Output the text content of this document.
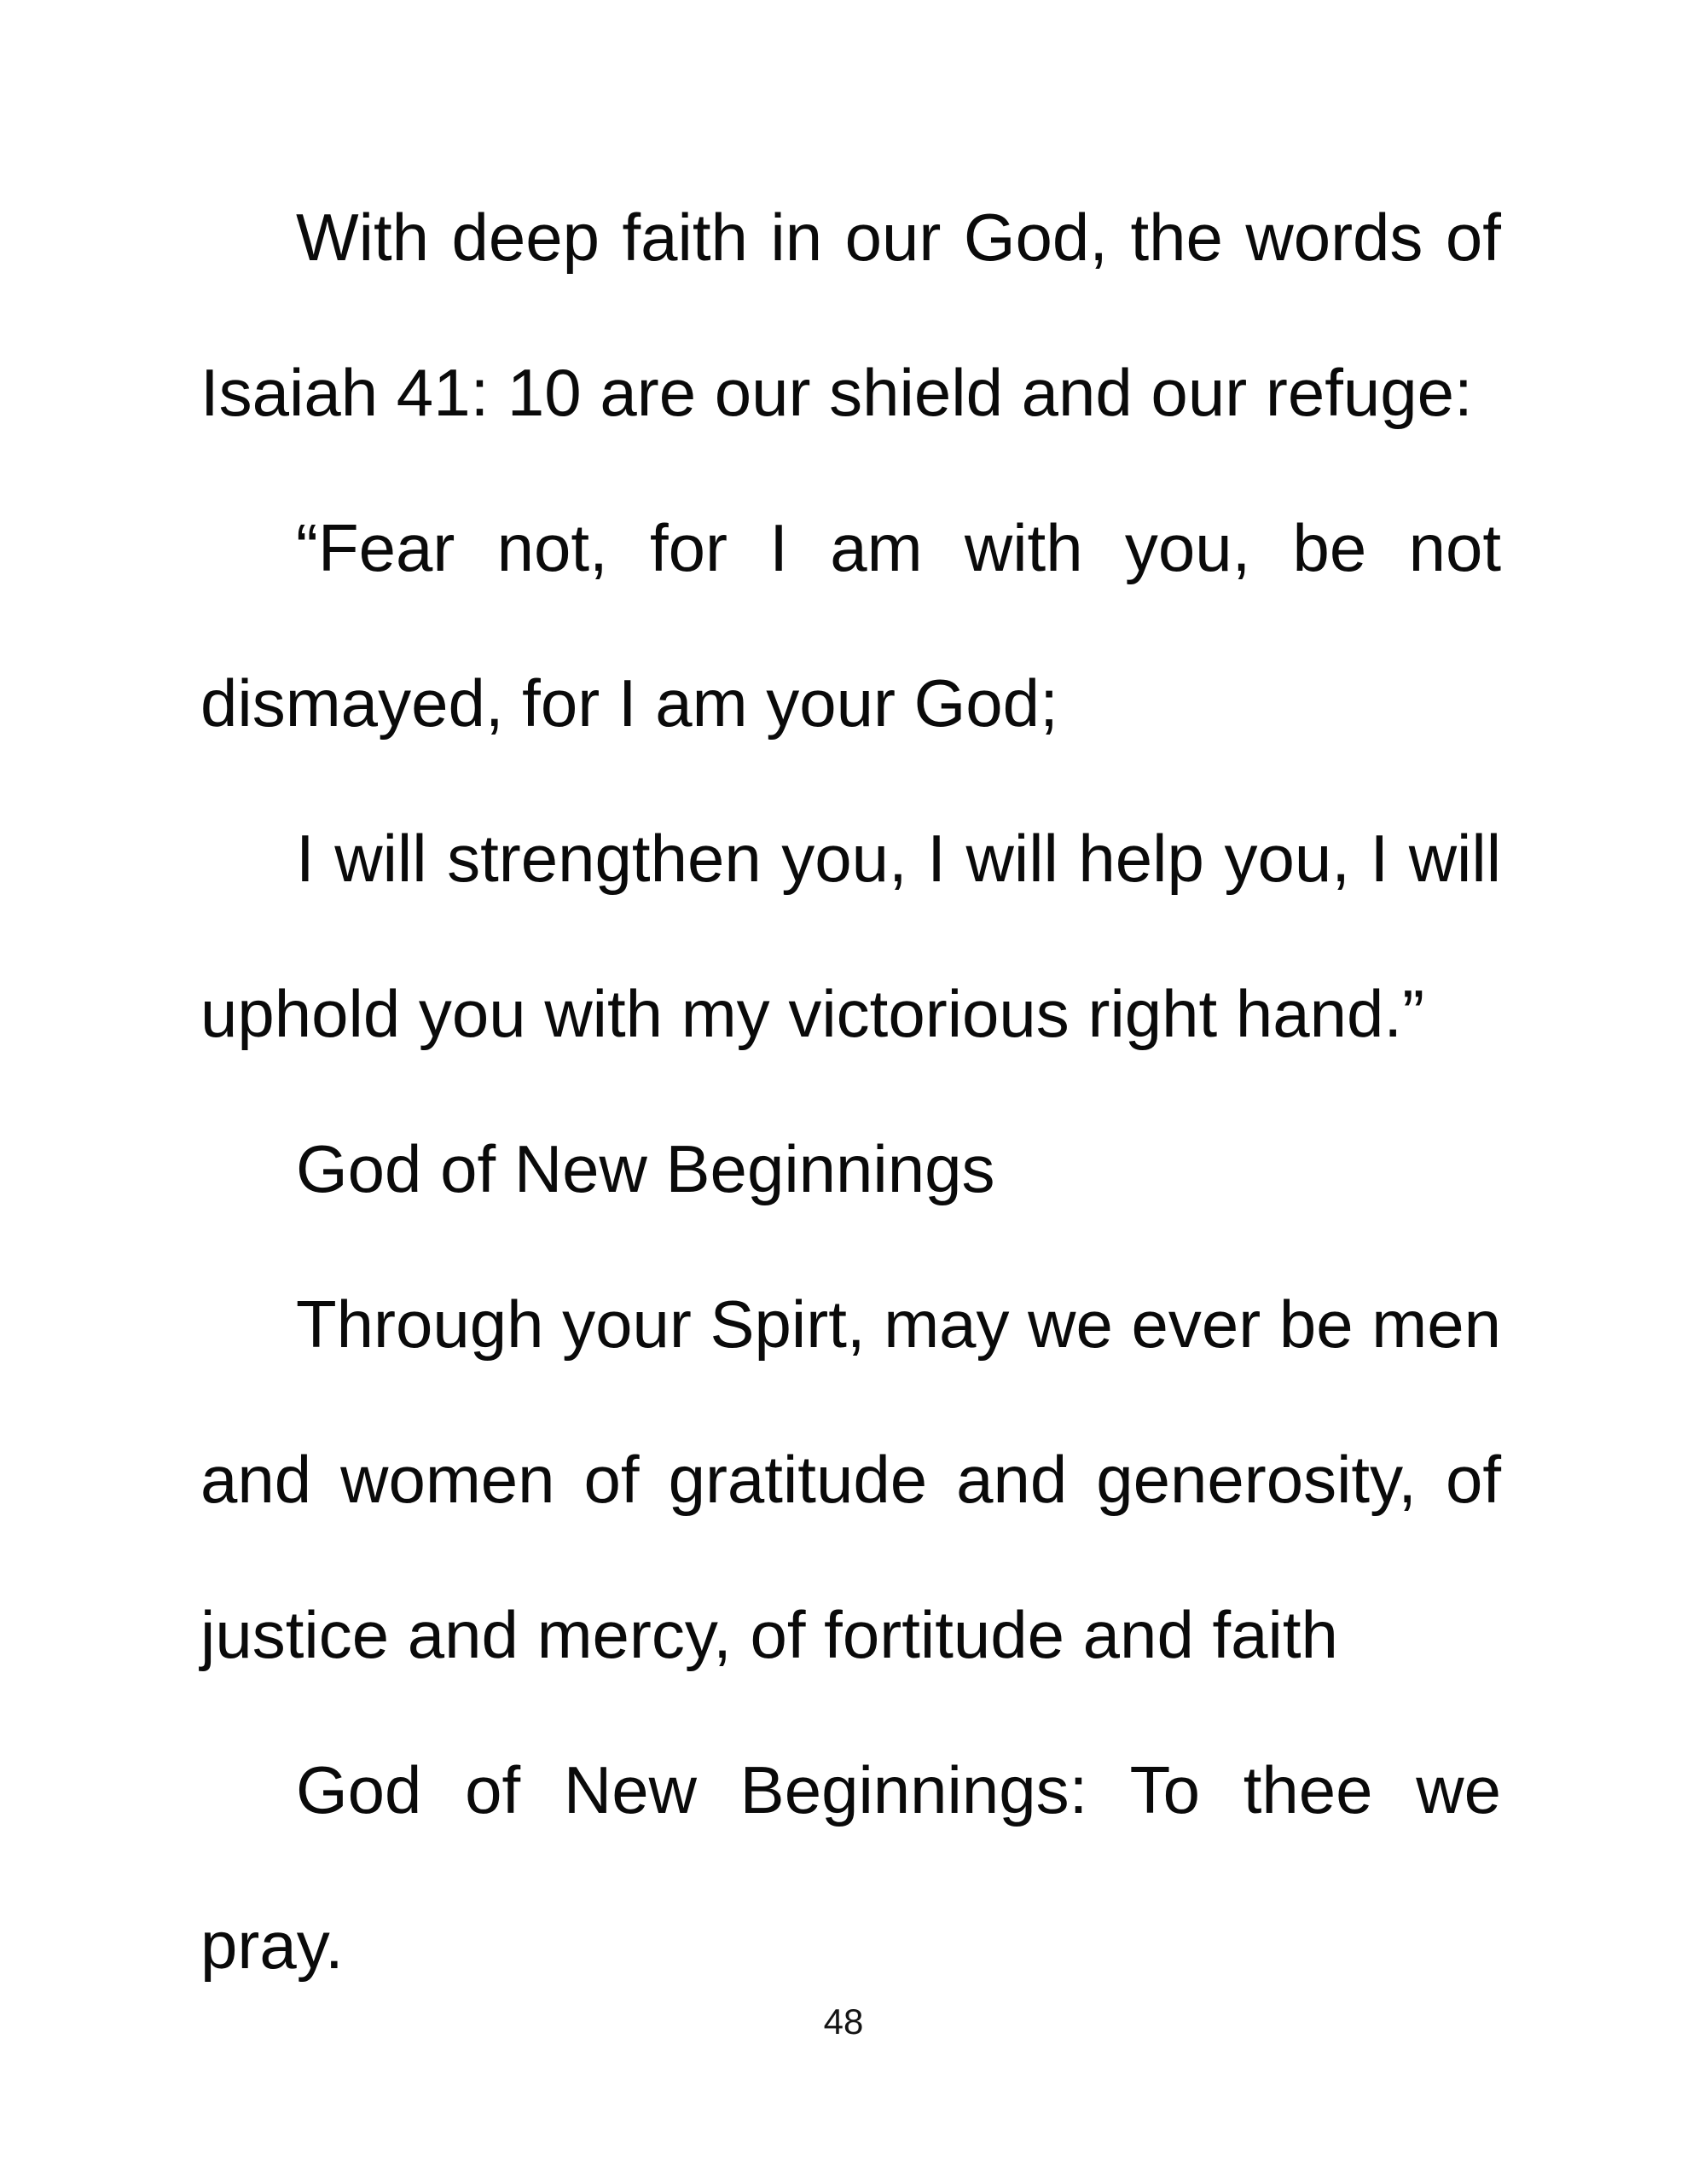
With deep faith in our God, the words of
Isaiah 41: 10 are our shield and our refuge:
“Fear not, for I am with you, be not
dismayed, for I am your God;
I will strengthen you, I will help you, I will
uphold you with my victorious right hand.”
God of New Beginnings
Through your Spirt, may we ever be men
and women of gratitude and generosity, of
justice and mercy, of fortitude and faith
God of New Beginnings: To thee we
pray.
48
